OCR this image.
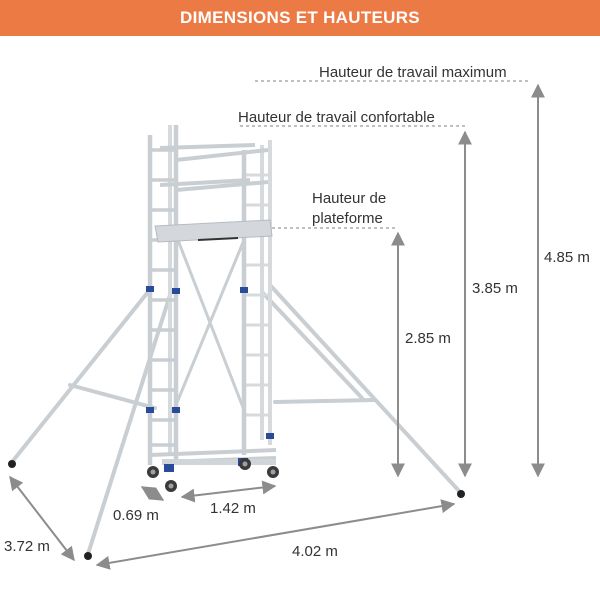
DIMENSIONS ET HAUTEURS
Hauteur de travail maximum
Hauteur de travail confortable
Hauteur de
plateforme
4.85 m
3.85 m
2.85 m
0.69 m	1.42 m
3.72 m	4.02 m
